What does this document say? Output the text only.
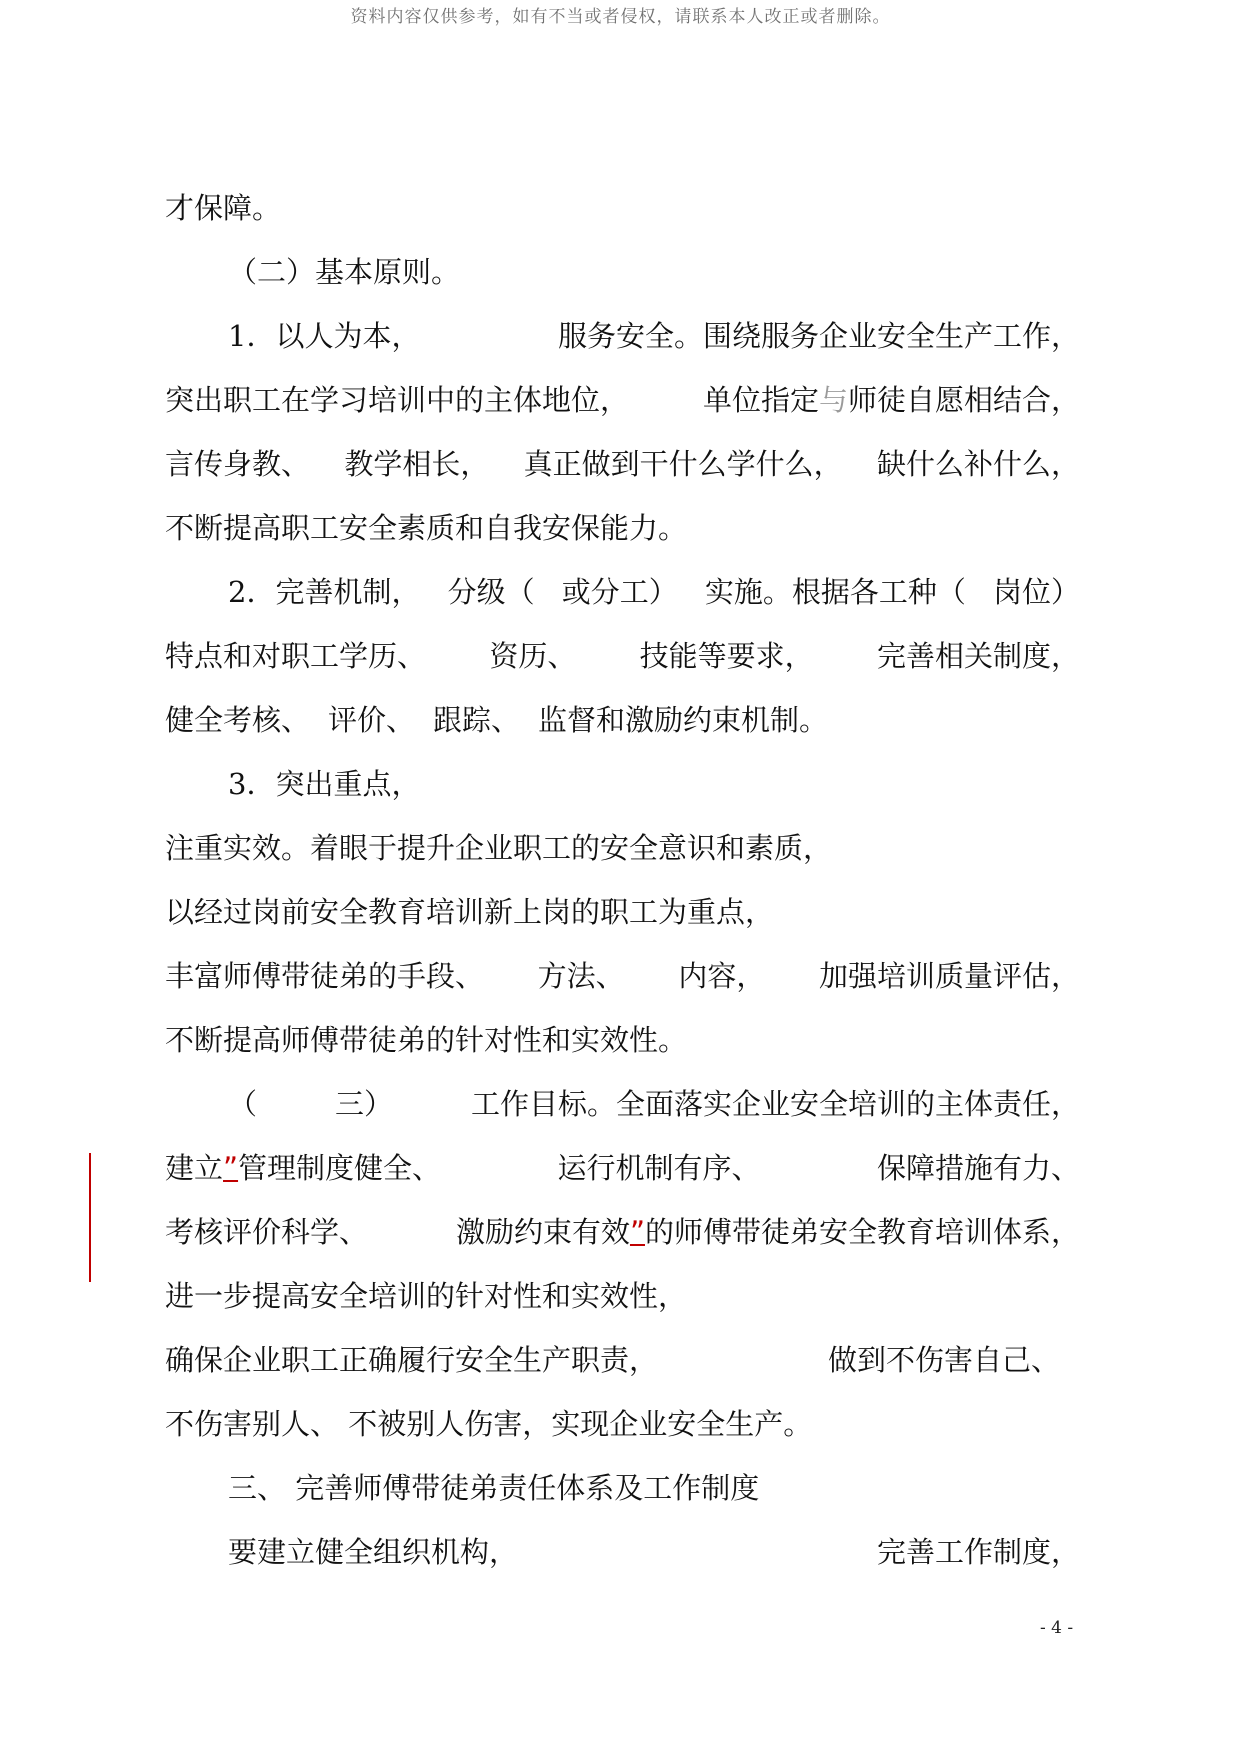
资料内容仅供参考，如有不当或者侵权，请联系本人改正或者删除。
才保障。
（二）基本原则。
1．以人为本，	服务安全。围绕服务企业安全生产工作，
突出职工在学习培训中的主体地位，	单位指定与师徒自愿相结合，
言传身教、 教学相长， 真正做到干什么学什么， 缺什么补什么，
不断提高职工安全素质和自我安保能力。
2．完善机制， 分级（ 或分工） 实施。根据各工种（ 岗位）
特点和对职工学历、 资历、 技能等要求， 完善相关制度，
健全考核、 评价、 跟踪、 监督和激励约束机制。
3．突出重点，
注重实效。着眼于提升企业职工的安全意识和素质，
以经过岗前安全教育培训新上岗的职工为重点，
丰富师傅带徒弟的手段、 方法、 内容， 加强培训质量评估，
不断提高师傅带徒弟的针对性和实效性。
（	三）	工作目标。全面落实企业安全培训的主体责任，
建立”管理制度健全、	运行机制有序、	保障措施有力、
考核评价科学、	激励约束有效”的师傅带徒弟安全教育培训体系，
进一步提高安全培训的针对性和实效性，
确保企业职工正确履行安全生产职责，	做到不伤害自己、
不伤害别人、 不被别人伤害，实现企业安全生产。
三、 完善师傅带徒弟责任体系及工作制度
要建立健全组织机构，	完善工作制度，
- 4 -
